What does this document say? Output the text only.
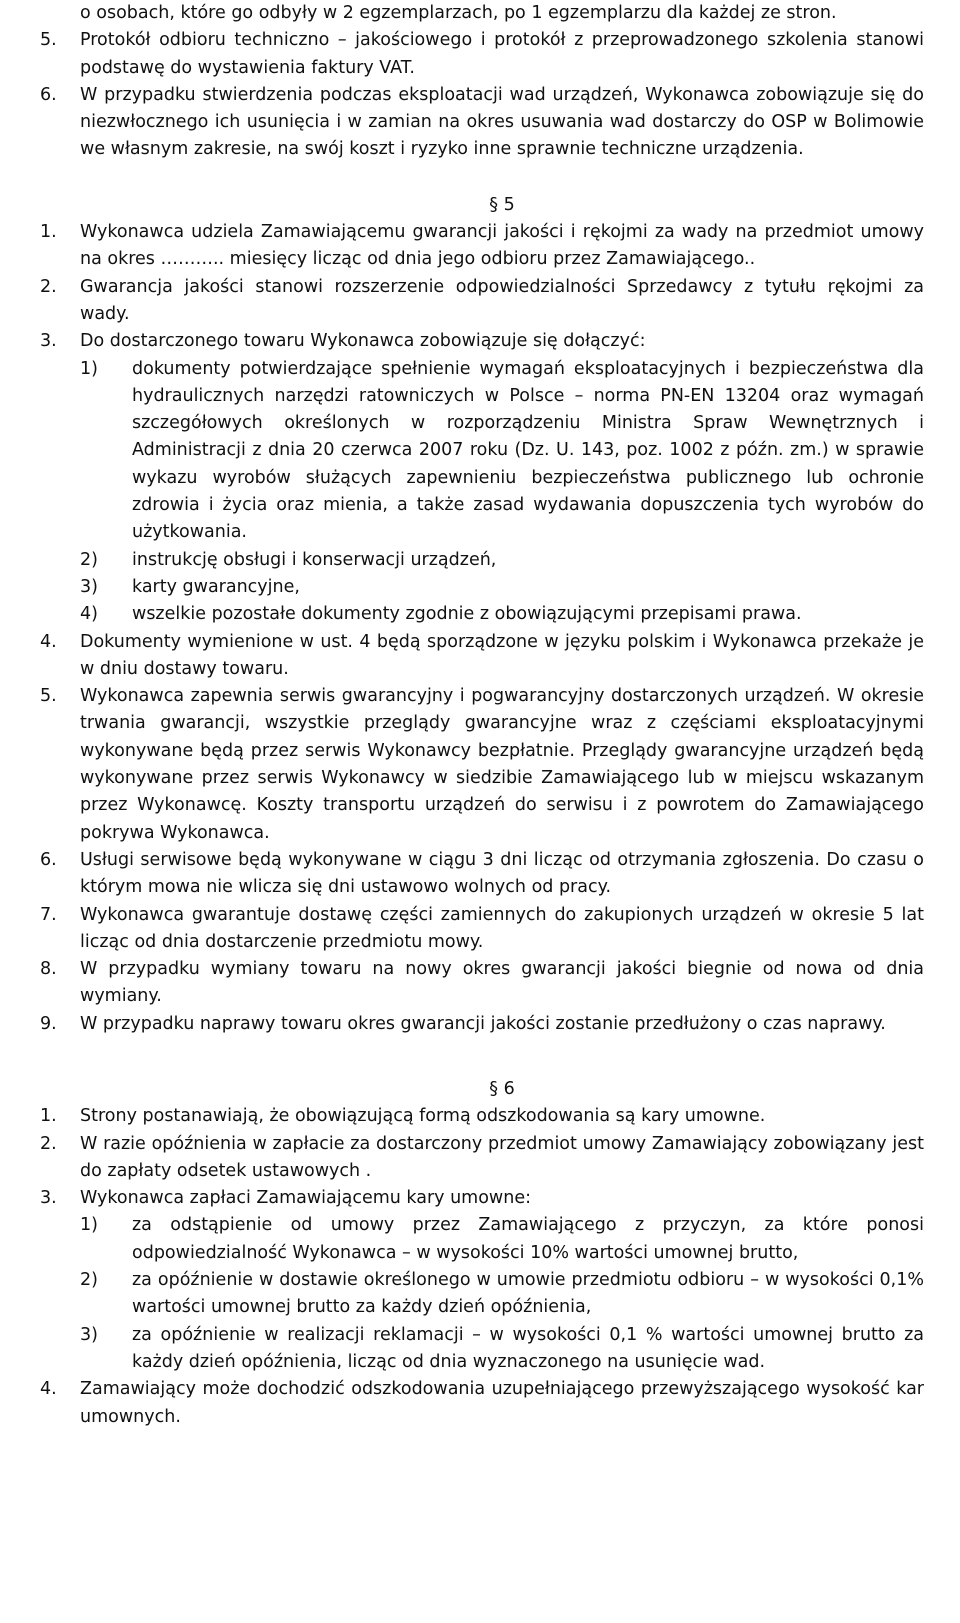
o osobach, które go odbyły w 2 egzemplarzach, po 1 egzemplarzu dla każdej ze stron.
5.	Protokół odbioru techniczno – jakościowego i protokół z przeprowadzonego szkolenia stanowi podstawę do wystawienia faktury VAT.
6.	W przypadku stwierdzenia podczas eksploatacji wad urządzeń, Wykonawca zobowiązuje się do niezwłocznego ich usunięcia i w zamian na okres usuwania wad dostarczy do OSP w Bolimowie we własnym zakresie, na swój koszt i ryzyko inne sprawnie techniczne urządzenia.
§ 5
1.	Wykonawca udziela Zamawiającemu gwarancji jakości i rękojmi za wady na przedmiot umowy na okres ……….. miesięcy licząc od dnia jego odbioru przez Zamawiającego..
2.	Gwarancja jakości stanowi rozszerzenie odpowiedzialności Sprzedawcy z tytułu rękojmi za wady.
3.	Do dostarczonego towaru Wykonawca zobowiązuje się dołączyć:
1)	dokumenty potwierdzające spełnienie wymagań eksploatacyjnych i bezpieczeństwa dla hydraulicznych narzędzi ratowniczych w Polsce – norma PN-EN 13204 oraz wymagań szczegółowych określonych w rozporządzeniu Ministra Spraw Wewnętrznych i Administracji z dnia 20 czerwca 2007 roku (Dz. U. 143, poz. 1002 z późn. zm.) w sprawie wykazu wyrobów służących zapewnieniu bezpieczeństwa publicznego lub ochronie zdrowia i życia oraz mienia, a także zasad wydawania dopuszczenia tych wyrobów do użytkowania.
2)	instrukcję obsługi i konserwacji urządzeń,
3)	karty gwarancyjne,
4)	wszelkie pozostałe dokumenty zgodnie z obowiązującymi przepisami prawa.
4.	Dokumenty wymienione w ust. 4 będą sporządzone w języku polskim i Wykonawca przekaże je w dniu dostawy towaru.
5.	Wykonawca zapewnia serwis gwarancyjny i pogwarancyjny dostarczonych urządzeń. W okresie trwania gwarancji, wszystkie przeglądy gwarancyjne wraz z częściami eksploatacyjnymi wykonywane będą przez serwis Wykonawcy bezpłatnie. Przeglądy gwarancyjne urządzeń będą wykonywane przez serwis Wykonawcy w siedzibie Zamawiającego lub w miejscu wskazanym przez Wykonawcę. Koszty transportu urządzeń do serwisu i z powrotem do Zamawiającego pokrywa Wykonawca.
6.	Usługi serwisowe będą wykonywane w ciągu 3 dni licząc od otrzymania zgłoszenia. Do czasu o którym mowa nie wlicza się dni ustawowo wolnych od pracy.
7.	Wykonawca gwarantuje dostawę części zamiennych do zakupionych urządzeń w okresie 5 lat licząc od dnia dostarczenie przedmiotu mowy.
8.	W przypadku wymiany towaru na nowy okres gwarancji jakości biegnie od nowa od dnia wymiany.
9.	W przypadku naprawy towaru okres gwarancji jakości zostanie przedłużony o czas naprawy.
§ 6
1.	Strony postanawiają, że obowiązującą formą odszkodowania są kary umowne.
2.	W razie opóźnienia w zapłacie za dostarczony przedmiot umowy Zamawiający zobowiązany jest do zapłaty odsetek ustawowych .
3.	Wykonawca zapłaci Zamawiającemu kary umowne:
1)	za odstąpienie od umowy przez Zamawiającego z przyczyn, za które ponosi odpowiedzialność Wykonawca – w wysokości 10% wartości umownej brutto,
2)	za opóźnienie w dostawie określonego w umowie przedmiotu odbioru – w wysokości 0,1% wartości umownej brutto za każdy dzień opóźnienia,
3)	za opóźnienie w realizacji reklamacji – w wysokości 0,1 % wartości umownej brutto za każdy dzień opóźnienia, licząc od dnia wyznaczonego na usunięcie wad.
4.	Zamawiający może dochodzić odszkodowania uzupełniającego przewyższającego wysokość kar umownych.
